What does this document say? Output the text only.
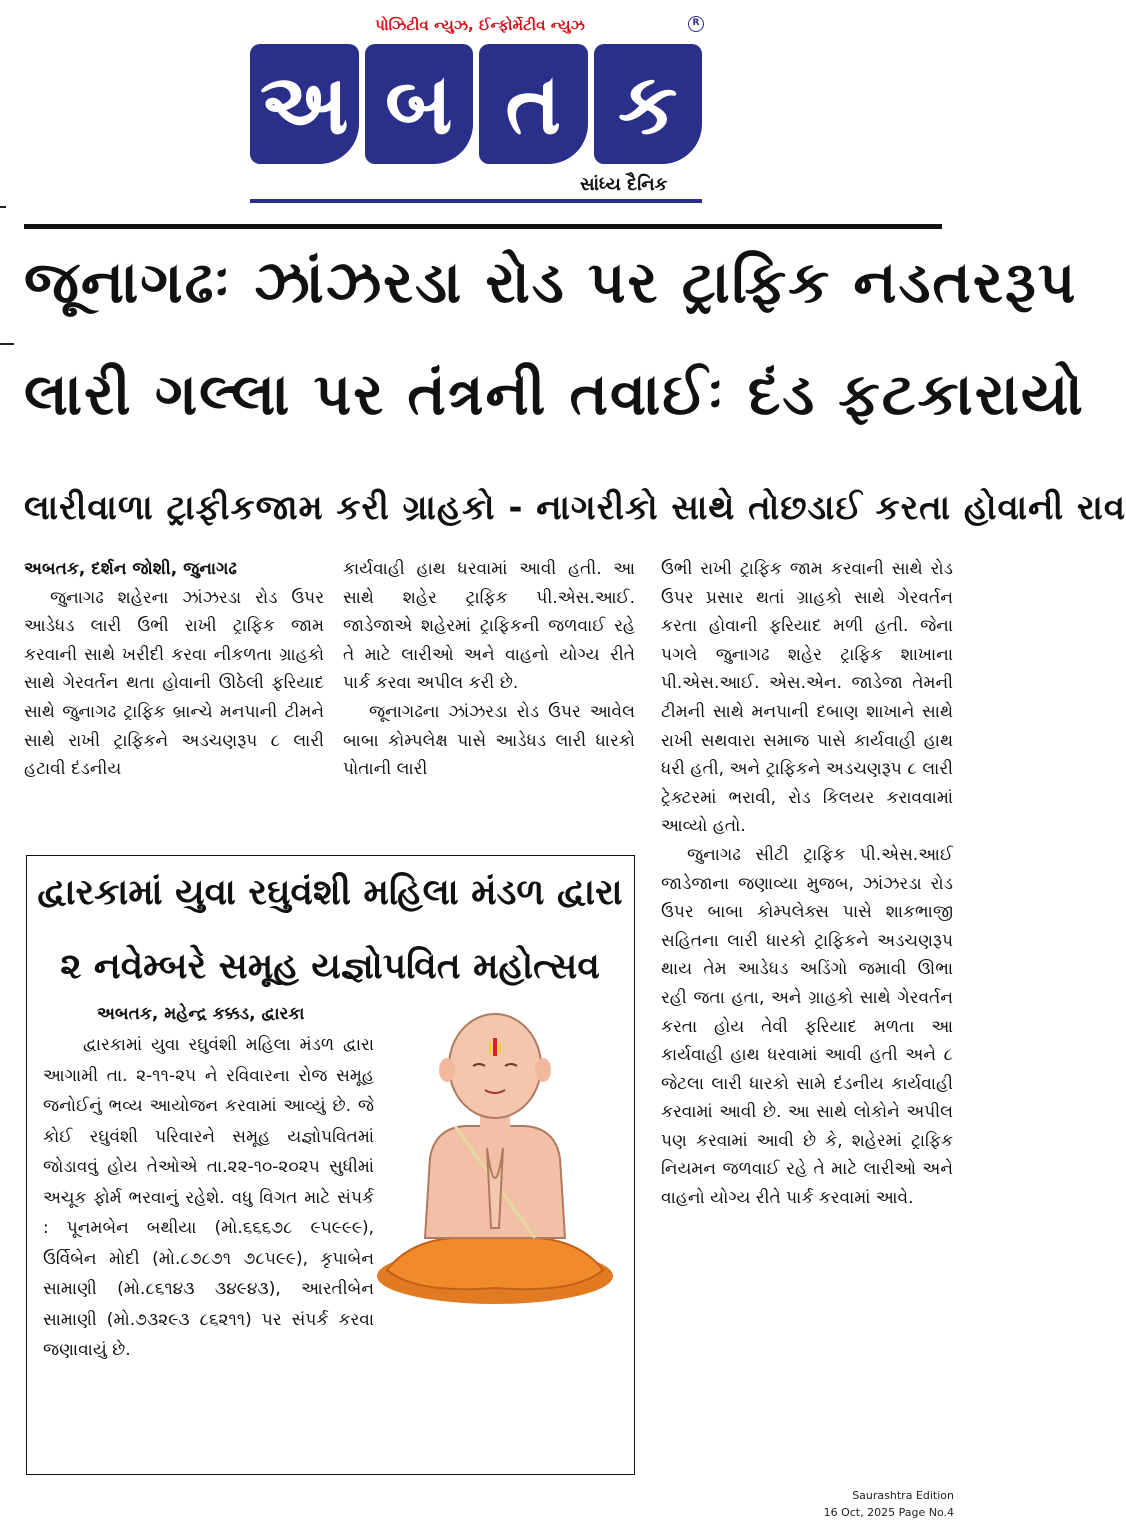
પોઝિટીવ ન્યુઝ, ઈન્ફોર્મેટીવ ન્યુઝ	R
અ બ ત ક
સાંધ્ય દૈનિક
જૂનાગઢઃ ઝાંઝરડા રોડ પર ટ્રાફિક નડતરરૂપ
લારી ગલ્લા પર તંત્રની તવાઈઃ દંડ ફટકારાયો
લારીવાળા ટ્રાફીકજામ કરી ગ્રાહકો - નાગરીકો સાથે તોછડાઈ કરતા હોવાની રાવ
અબતક, દર્શન જોશી, જુનાગઢ
જુનાગઢ શહેરના ઝાંઝરડા રોડ ઉપર આડેધડ લારી ઉભી રાખી ટ્રાફિક જામ કરવાની સાથે ખરીદી કરવા નીકળતા ગ્રાહકો સાથે ગેરવર્તન થતા હોવાની ઊઠેલી ફરિયાદ સાથે જુનાગઢ ટ્રાફિક બ્રાન્ચે મનપાની ટીમને સાથે રાખી ટ્રાફિકને અડચણરૂપ ૮ લારી હટાવી દંડનીય
કાર્યવાહી હાથ ધરવામાં આવી હતી. આ સાથે શહેર ટ્રાફિક પી.એસ.આઈ. જાડેજાએ શહેરમાં ટ્રાફિકની જળવાઈ રહે તે માટે લારીઓ અને વાહનો યોગ્ય રીતે પાર્ક કરવા અપીલ કરી છે.
જૂનાગઢના ઝાંઝરડા રોડ ઉપર આવેલ બાબા કોમ્પલેક્ષ પાસે આડેધડ લારી ધારકો પોતાની લારી
ઉભી રાખી ટ્રાફિક જામ કરવાની સાથે રોડ ઉપર પ્રસાર થતાં ગ્રાહકો સાથે ગેરવર્તન કરતા હોવાની ફરિયાદ મળી હતી. જેના પગલે જુનાગઢ શહેર ટ્રાફિક શાખાના પી.એસ.આઈ. એસ.એન. જાડેજા તેમની ટીમની સાથે મનપાની દબાણ શાખાને સાથે રાખી સથવારા સમાજ પાસે કાર્યવાહી હાથ ધરી હતી, અને ટ્રાફિકને અડચણરૂપ ૮ લારી ટ્રેક્ટરમાં ભરાવી, રોડ કિલયર કરાવવામાં આવ્યો હતો.
જુનાગઢ સીટી ટ્રાફિક પી.એસ.આઈ જાડેજાના જણાવ્યા મુજબ, ઝાંઝરડા રોડ ઉપર બાબા કોમ્પલેક્સ પાસે શાકભાજી સહિતના લારી ધારકો ટ્રાફિકને અડચણરૂપ થાય તેમ આડેધડ અડિંગો જમાવી ઊભા રહી જતા હતા, અને ગ્રાહકો સાથે ગેરવર્તન કરતા હોય તેવી ફરિયાદ મળતા આ કાર્યવાહી હાથ ધરવામાં આવી હતી અને ૮ જેટલા લારી ધારકો સામે દંડનીય કાર્યવાહી કરવામાં આવી છે. આ સાથે લોકોને અપીલ પણ કરવામાં આવી છે કે, શહેરમાં ટ્રાફિક નિયમન જળવાઈ રહે તે માટે લારીઓ અને વાહનો યોગ્ય રીતે પાર્ક કરવામાં આવે.
દ્વારકામાં યુવા રઘુવંશી મહિલા મંડળ દ્વારા
૨ નવેમ્બરે સમૂહ યજ્ઞોપવિત મહોત્સવ
અબતક, મહેન્દ્ર કક્કડ, દ્વારકા
દ્વારકામાં યુવા રઘુવંશી મહિલા મંડળ દ્વારા આગામી તા. ૨-૧૧-૨૫ ને રવિવારના રોજ સમૂહ જનોઈનું ભવ્ય આયોજન કરવામાં આવ્યું છે. જે કોઈ રઘુવંશી પરિવારને સમૂહ યજ્ઞોપવિતમાં જોડાવવું હોય તેઓએ તા.૨૨-૧૦-૨૦૨૫ સુધીમાં અચૂક ફોર્મ ભરવાનું રહેશે. વધુ વિગત માટે સંપર્ક : પૂનમબેન બથીયા (મો.૬૬૬૭૮ ૯૫૯૯૯), ઉર્વિબેન મોદી (મો.૮૭૮૭૧ ૭૮૫૯૯), કૃપાબેન સામાણી (મો.૮૬૧૪૩ ૩૪૯૪૩), આરતીબેન સામાણી (મો.૭૩૨૯૩ ૮૬૨૧૧) પર સંપર્ક કરવા જણાવાયું છે.
Saurashtra Edition
16 Oct, 2025 Page No.4
